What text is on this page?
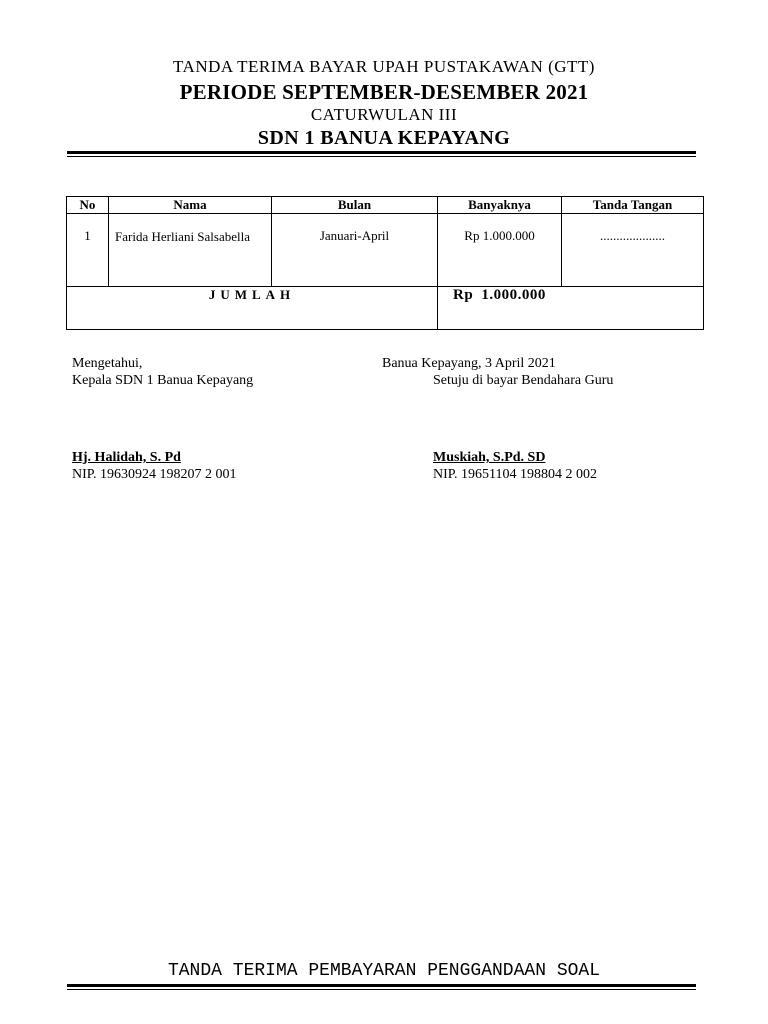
TANDA TERIMA BAYAR UPAH PUSTAKAWAN (GTT)
PERIODE SEPTEMBER-DESEMBER 2021
CATURWULAN III
SDN 1 BANUA KEPAYANG
No	Nama	Bulan	Banyaknya	Tanda Tangan
1	Farida Herliani Salsabella	Januari-April	Rp 1.000.000	....................
JUMLAH			Rp 1.000.000	
Mengetahui,
Kepala SDN 1 Banua Kepayang
Hj. Halidah, S. Pd
NIP. 19630924 198207 2 001
Banua Kepayang, 3 April 2021
Setuju di bayar Bendahara Guru
Muskiah, S.Pd. SD
NIP. 19651104 198804 2 002
TANDA TERIMA PEMBAYARAN PENGGANDAAN SOAL
